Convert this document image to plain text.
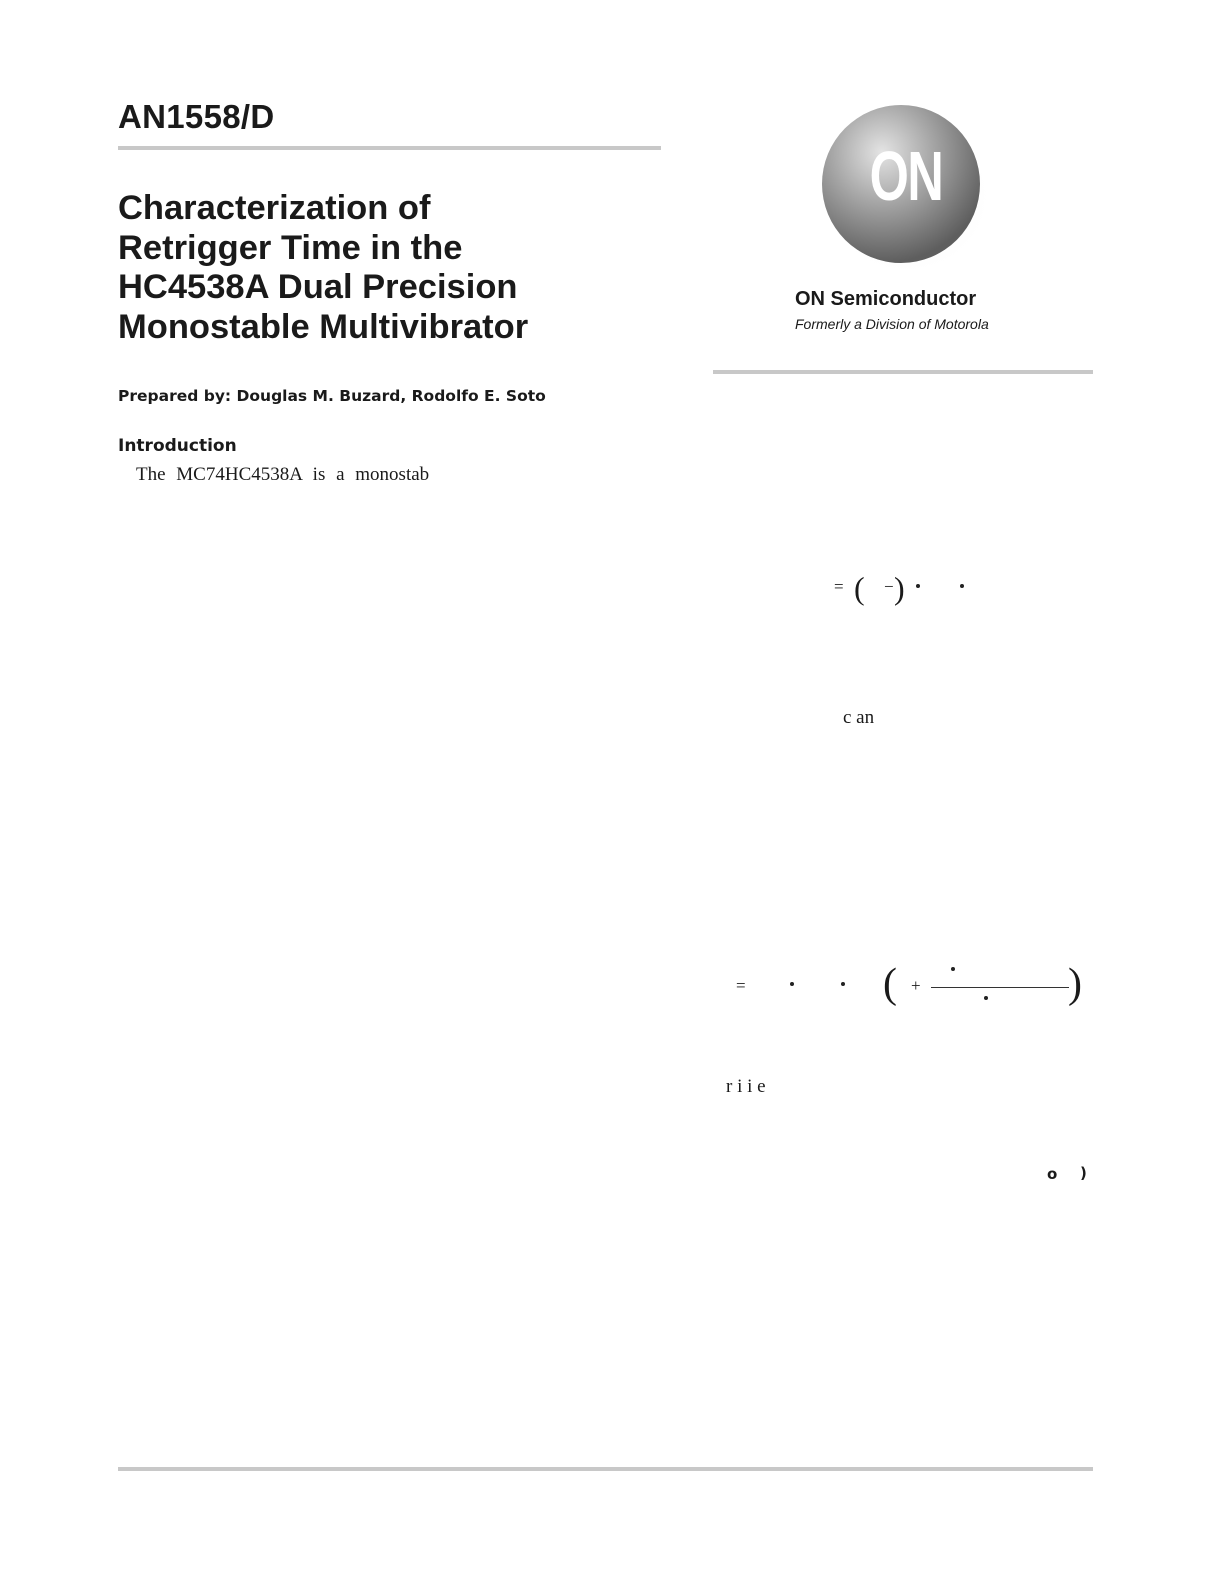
AN1558/D
Characterization of
Retrigger Time in the
HC4538A Dual Precision
Monostable Multivibrator
Prepared by: Douglas M. Buzard, Rodolfo E. Soto
Introduction
The MC74HC4538A is a monostab
ON
ON Semiconductor
Formerly a Division of Motorola
= ( − )
c an
=	( +	)
r i i e
o )
